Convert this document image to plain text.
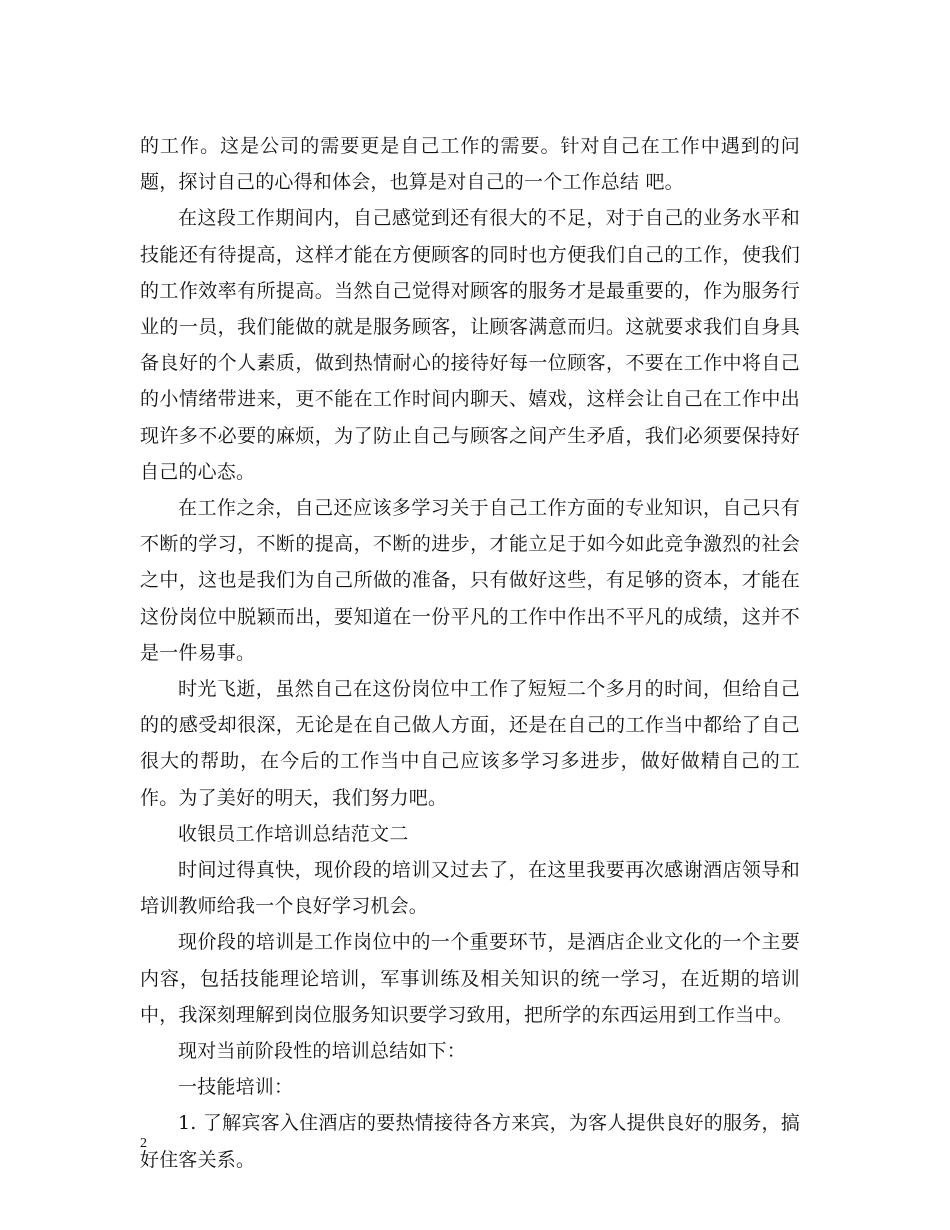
的工作。这是公司的需要更是自己工作的需要。针对自己在工作中遇到的问题，探讨自己的心得和体会，也算是对自己的一个工作总结 吧。

在这段工作期间内，自己感觉到还有很大的不足，对于自己的业务水平和技能还有待提高，这样才能在方便顾客的同时也方便我们自己的工作，使我们的工作效率有所提高。当然自己觉得对顾客的服务才是最重要的，作为服务行业的一员，我们能做的就是服务顾客，让顾客满意而归。这就要求我们自身具备良好的个人素质，做到热情耐心的接待好每一位顾客，不要在工作中将自己的小情绪带进来，更不能在工作时间内聊天、嬉戏，这样会让自己在工作中出现许多不必要的麻烦，为了防止自己与顾客之间产生矛盾，我们必须要保持好自己的心态。

在工作之余，自己还应该多学习关于自己工作方面的专业知识，自己只有不断的学习，不断的提高，不断的进步，才能立足于如今如此竞争激烈的社会之中，这也是我们为自己所做的准备，只有做好这些，有足够的资本，才能在这份岗位中脱颖而出，要知道在一份平凡的工作中作出不平凡的成绩，这并不是一件易事。

时光飞逝，虽然自己在这份岗位中工作了短短二个多月的时间，但给自己的的感受却很深，无论是在自己做人方面，还是在自己的工作当中都给了自己很大的帮助，在今后的工作当中自己应该多学习多进步，做好做精自己的工作。为了美好的明天，我们努力吧。

收银员工作培训总结范文二

时间过得真快，现价段的培训又过去了，在这里我要再次感谢酒店领导和培训教师给我一个良好学习机会。

现价段的培训是工作岗位中的一个重要环节，是酒店企业文化的一个主要内容，包括技能理论培训，军事训练及相关知识的统一学习，在近期的培训中，我深刻理解到岗位服务知识要学习致用，把所学的东西运用到工作当中。

现对当前阶段性的培训总结如下：

一技能培训：

1. 了解宾客入住酒店的要热情接待各方来宾，为客人提供良好的服务，搞好住客关系。

2
